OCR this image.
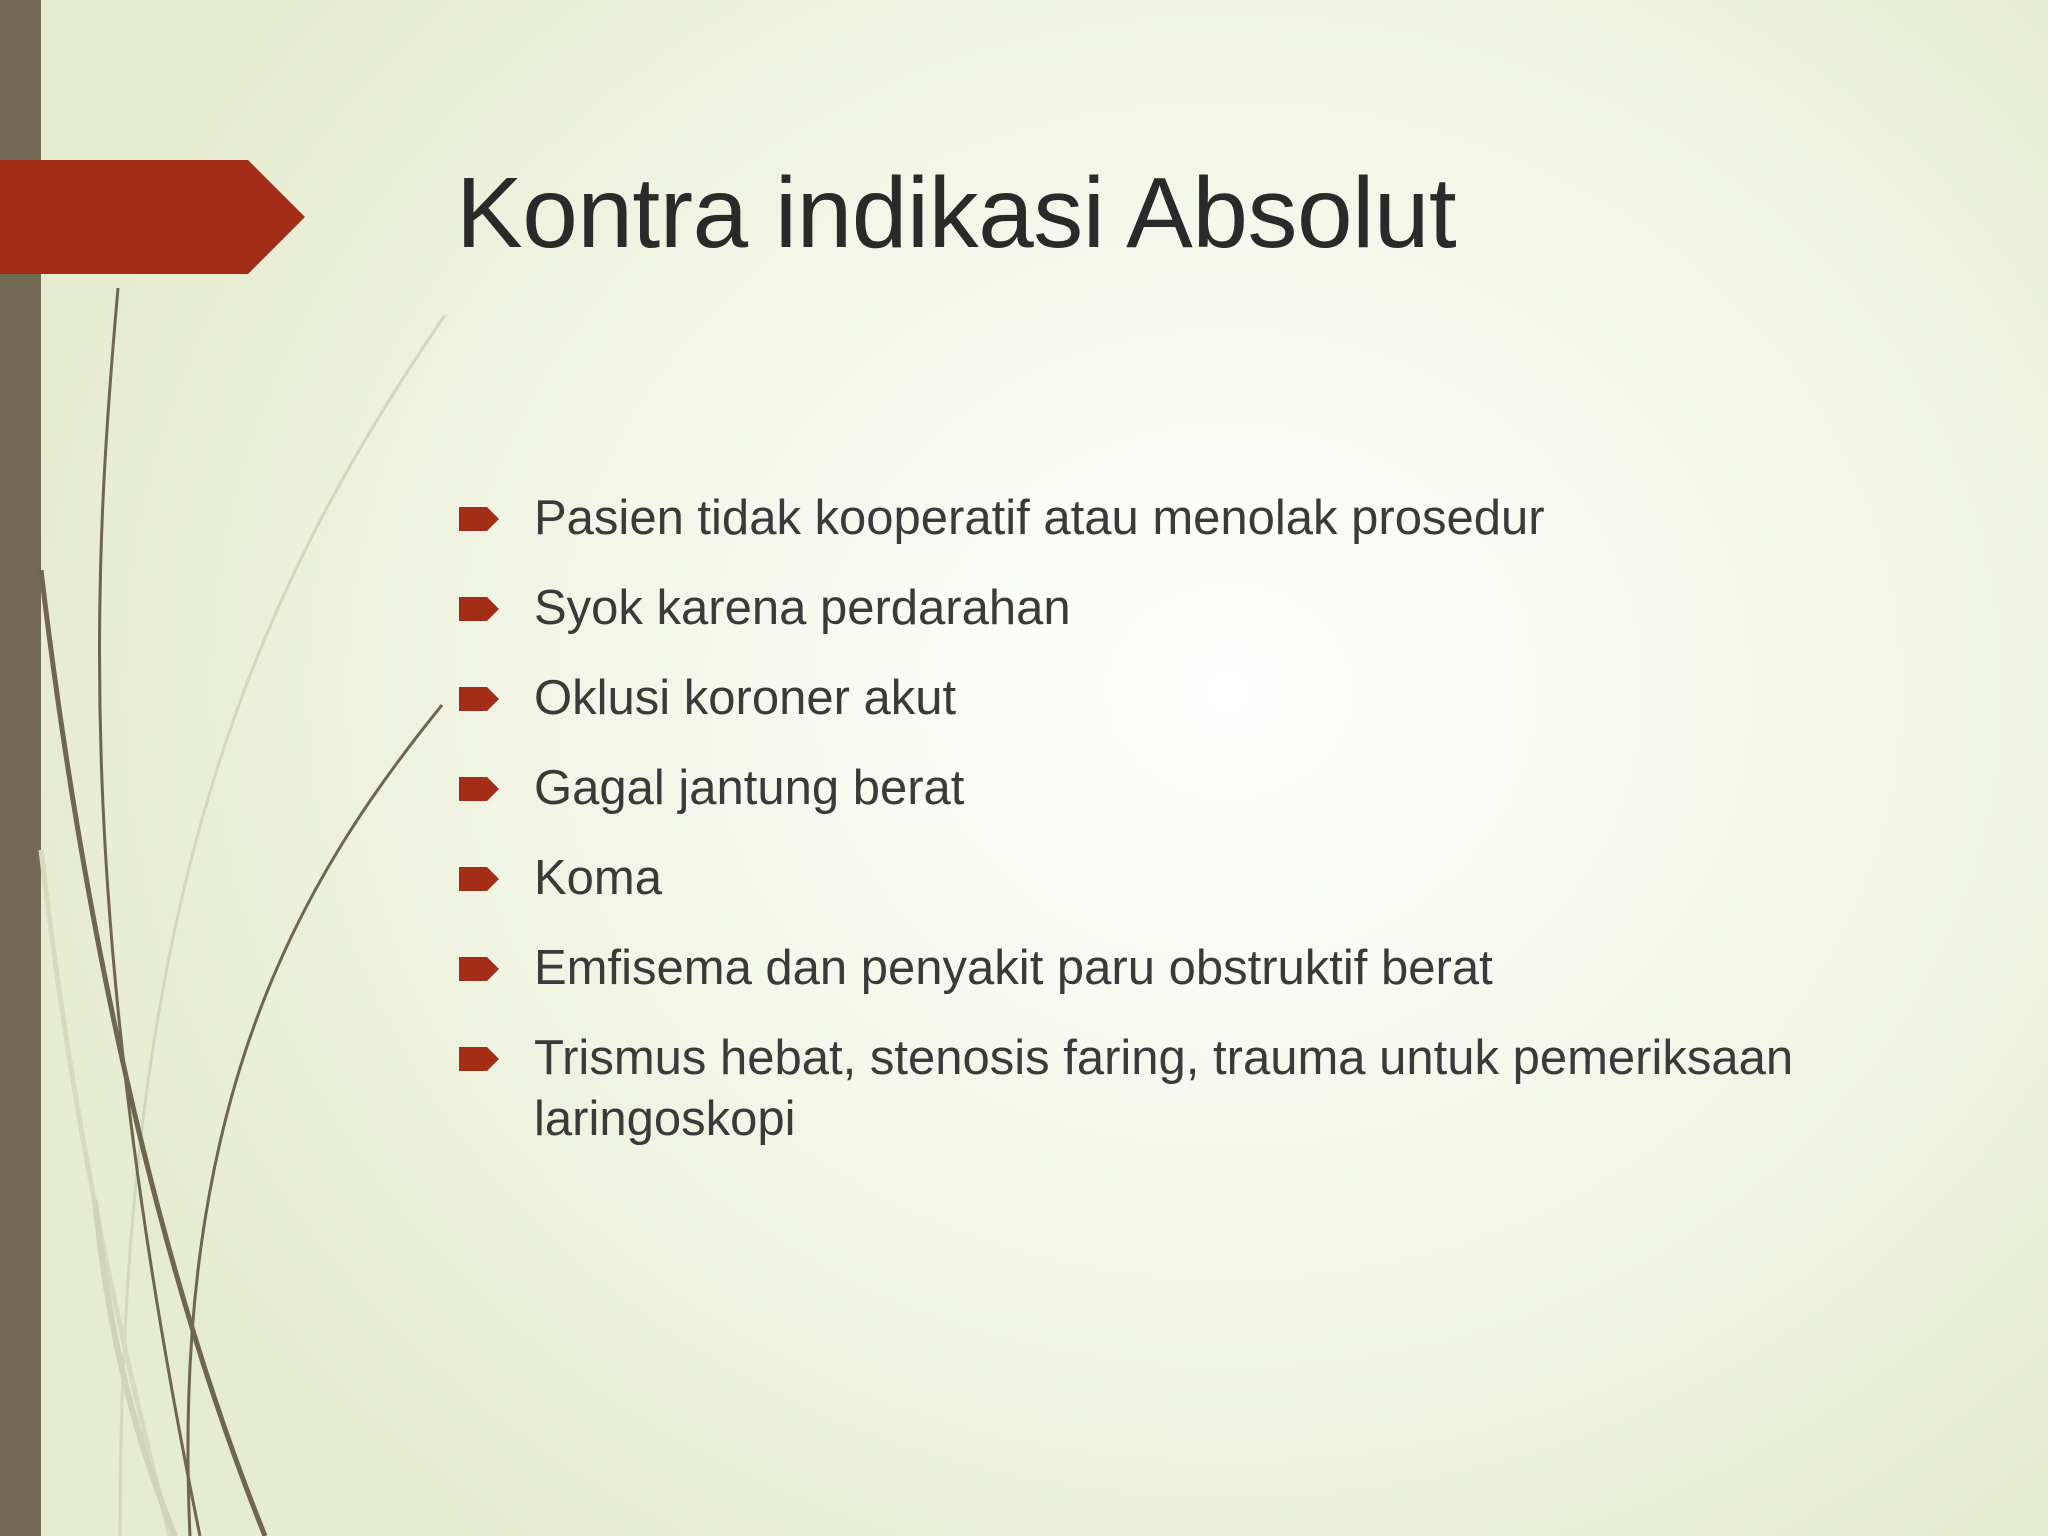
Kontra indikasi Absolut
Pasien tidak kooperatif atau menolak prosedur
Syok karena perdarahan
Oklusi koroner akut
Gagal jantung berat
Koma
Emfisema dan penyakit paru obstruktif berat
Trismus hebat, stenosis faring, trauma untuk pemeriksaan laringoskopi
